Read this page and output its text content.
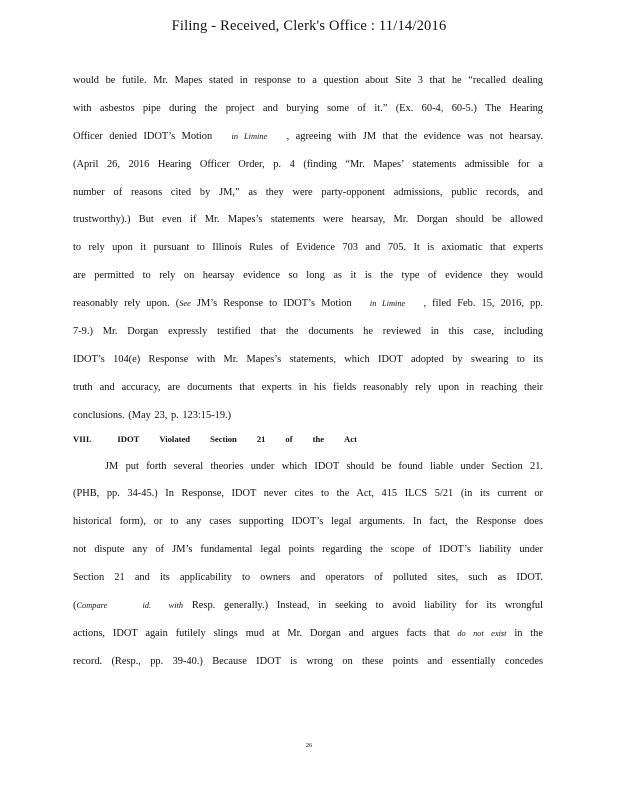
Filing - Received, Clerk's Office : 11/14/2016
would be futile. Mr. Mapes stated in response to a question about Site 3 that he “recalled dealing
with asbestos pipe during the project and burying some of it.” (Ex. 60-4, 60-5.) The Hearing
Officer denied IDOT’s Motion in Limine , agreeing with JM that the evidence was not hearsay.
(April 26, 2016 Hearing Officer Order, p. 4 (finding “Mr. Mapes’ statements admissible for a
number of reasons cited by JM,” as they were party-opponent admissions, public records, and
trustworthy).) But even if Mr. Mapes’s statements were hearsay, Mr. Dorgan should be allowed
to rely upon it pursuant to Illinois Rules of Evidence 703 and 705. It is axiomatic that experts
are permitted to rely on hearsay evidence so long as it is the type of evidence they would
reasonably rely upon. (See JM’s Response to IDOT’s Motion in Limine , filed Feb. 15, 2016, pp.
7-9.) Mr. Dorgan expressly testified that the documents he reviewed in this case, including
IDOT’s 104(e) Response with Mr. Mapes’s statements, which IDOT adopted by swearing to its
truth and accuracy, are documents that experts in his fields reasonably rely upon in reaching their
conclusions. (May 23, p. 123:15-19.)
VIII.	IDOT Violated Section 21 of the Act
JM put forth several theories under which IDOT should be found liable under Section 21.
(PHB, pp. 34-45.) In Response, IDOT never cites to the Act, 415 ILCS 5/21 (in its current or
historical form), or to any cases supporting IDOT’s legal arguments. In fact, the Response does
not dispute any of JM’s fundamental legal points regarding the scope of IDOT’s liability under
Section 21 and its applicability to owners and operators of polluted sites, such as IDOT.
(Compare	id. with Resp. generally.) Instead, in seeking to avoid liability for its wrongful
actions, IDOT again futilely slings mud at Mr. Dorgan and argues facts that do not exist in the
record. (Resp., pp. 39-40.) Because IDOT is wrong on these points and essentially concedes
26
